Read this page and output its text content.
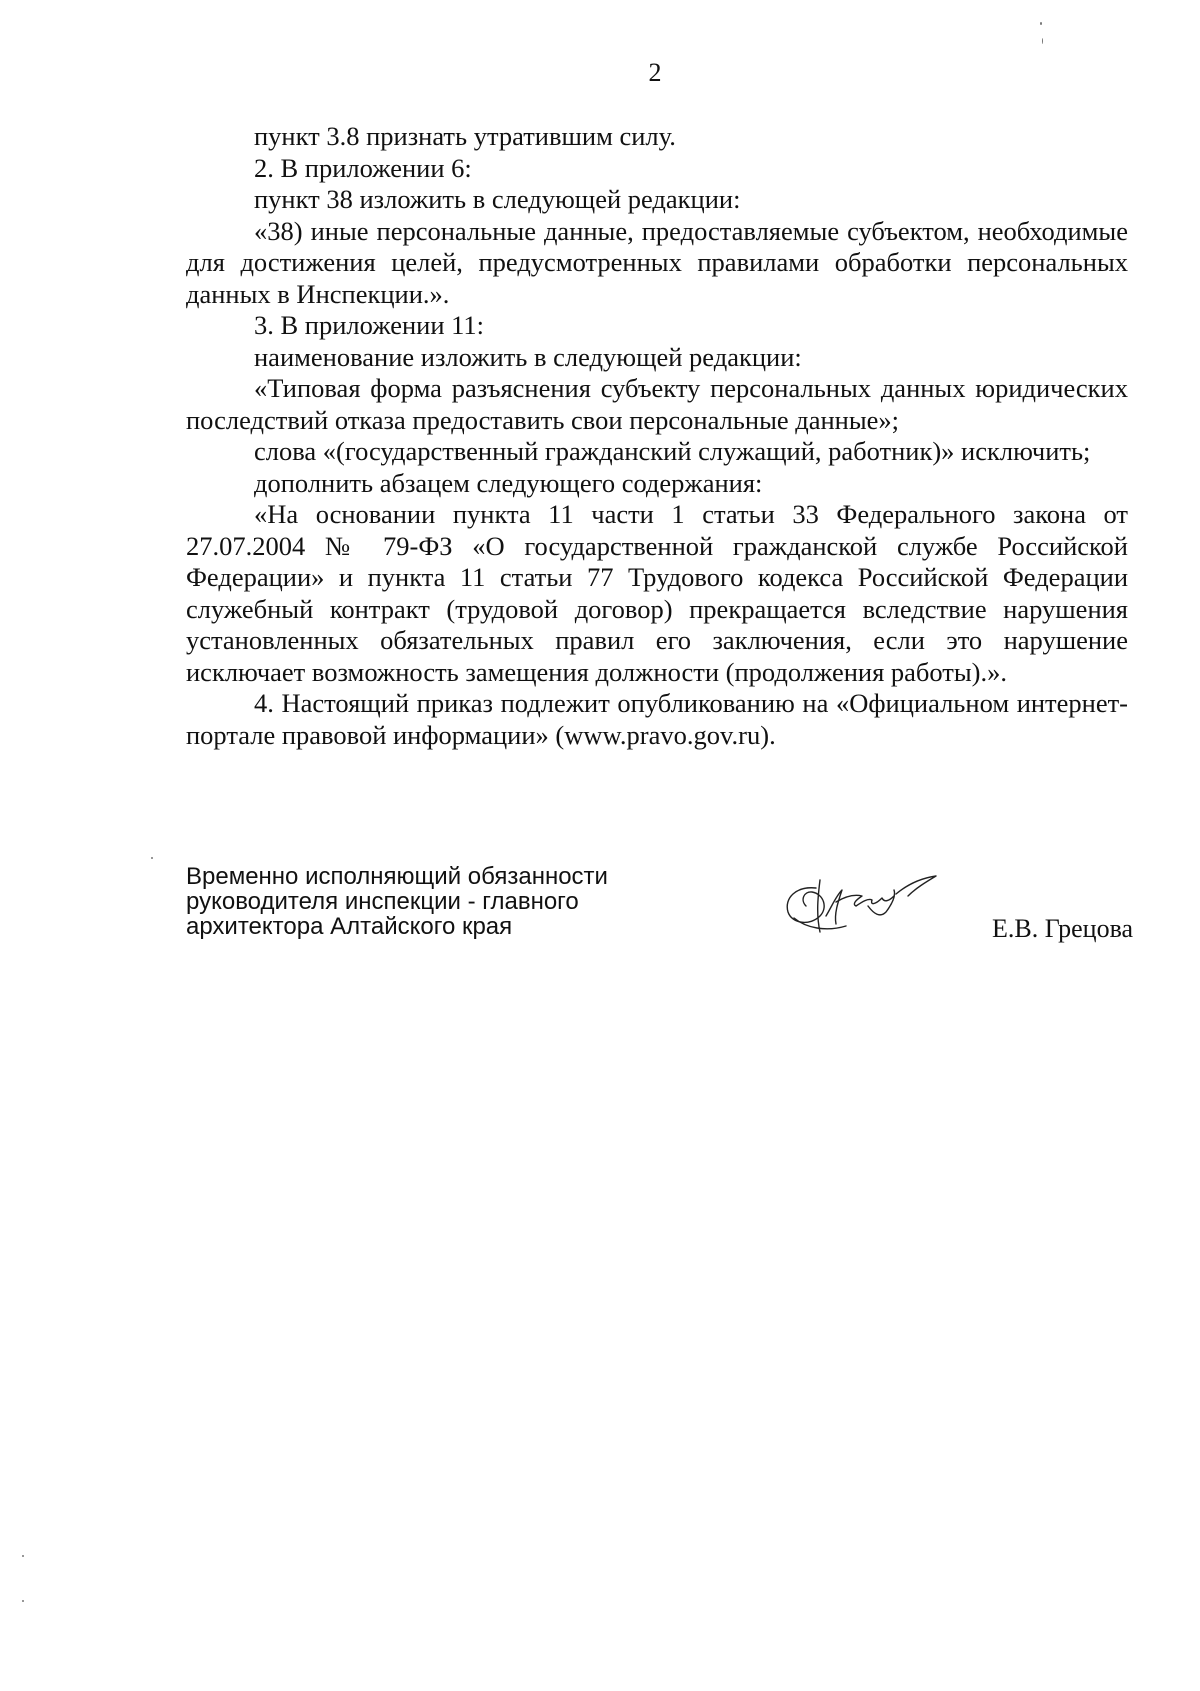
2

пункт 3.8 признать утратившим силу.

2. В приложении 6:

пункт 38 изложить в следующей редакции:

«38) иные персональные данные, предоставляемые субъектом, необходимые для достижения целей, предусмотренных правилами обработки персональных данных в Инспекции.».

3. В приложении 11:

наименование изложить в следующей редакции:

«Типовая форма разъяснения субъекту персональных данных юридических последствий отказа предоставить свои персональные данные»;

слова «(государственный гражданский служащий, работник)» исключить;

дополнить абзацем следующего содержания:

«На основании пункта 11 части 1 статьи 33 Федерального закона от 27.07.2004 № 79-ФЗ «О государственной гражданской службе Российской Федерации» и пункта 11 статьи 77 Трудового кодекса Российской Федерации служебный контракт (трудовой договор) прекращается вследствие нарушения установленных обязательных правил его заключения, если это нарушение исключает возможность замещения должности (продолжения работы).».

4. Настоящий приказ подлежит опубликованию на «Официальном интернет-портале правовой информации» (www.pravo.gov.ru).

Временно исполняющий обязанности
руководителя инспекции - главного
архитектора Алтайского края	Е.В. Грецова
